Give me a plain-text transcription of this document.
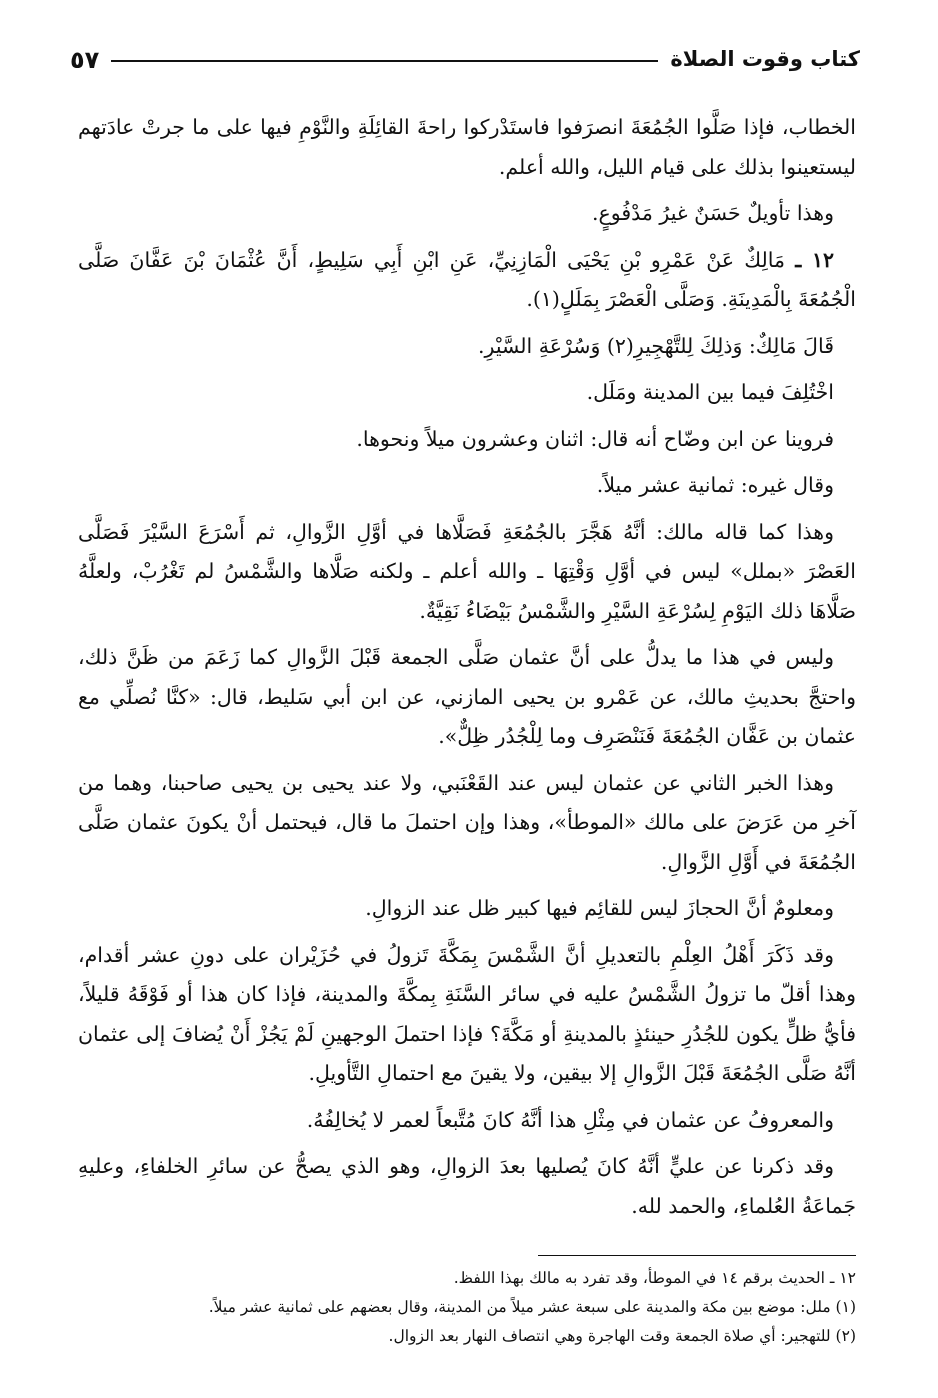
كتاب وقوت الصلاة
٥٧

الخطاب، فإذا صَلَّوا الجُمُعَةَ انصرَفوا فاستَدْركوا راحةَ القائِلَةِ والنَّوْمِ فيها على ما جرتْ عادَتهم ليستعينوا بذلك على قيام الليل، والله أعلم.

وهذا تأويلٌ حَسَنٌ غيرُ مَدْفُوعٍ.

١٢ ـ مَالِكٌ عَنْ عَمْرِو بْنِ يَحْيَى الْمَازِنِيِّ، عَنِ ابْنِ أَبِي سَلِيطٍ، أَنَّ عُثْمَانَ بْنَ عَفَّانَ صَلَّى الْجُمُعَةَ بِالْمَدِينَةِ. وَصَلَّى الْعَصْرَ بِمَلَلٍ(١).

قَالَ مَالِكٌ: وَذلِكَ لِلتَّهْجِيرِ(٢) وَسُرْعَةِ السَّيْرِ.

اخْتُلِفَ فيما بين المدينة ومَلَل.

فروينا عن ابن وضّاح أنه قال: اثنان وعشرون ميلاً ونحوها.

وقال غيره: ثمانية عشر ميلاً.

وهذا كما قاله مالك: أنَّهُ هَجَّرَ بالجُمُعَةِ فَصَلَّاها في أوَّلِ الزَّوالِ، ثم أَسْرَعَ السَّيْرَ فَصَلَّى العَصْرَ «بملل» ليس في أوَّلِ وَقْتِهَا ـ والله أعلم ـ ولكنه صَلَّاها والشَّمْسُ لم تَغْرُبْ، ولعلَّهُ صَلَّاهَا ذلك اليَوْمِ لِسُرْعَةِ السَّيْرِ والشَّمْسُ بَيْضَاءُ نَقِيَّةٌ.

وليس في هذا ما يدلُّ على أنَّ عثمان صَلَّى الجمعة قَبْلَ الزَّوالِ كما زَعَمَ من ظَنَّ ذلك، واحتجَّ بحديثِ مالك، عن عَمْرو بن يحيى المازني، عن ابن أبي سَليط، قال: «كنَّا نُصلِّي مع عثمان بن عَفَّان الجُمُعَةَ فَنَنْصَرِف وما لِلْجُدُر ظِلٌّ».

وهذا الخبر الثاني عن عثمان ليس عند القَعْنَبي، ولا عند يحيى بن يحيى صاحبنا، وهما من آخرِ من عَرَضَ على مالك «الموطأ»، وهذا وإن احتملَ ما قال، فيحتمل أنْ يكونَ عثمان صَلَّى الجُمُعَةَ في أَوَّلِ الزَّوالِ.

ومعلومٌ أنَّ الحجازَ ليس للقائِم فيها كبير ظل عند الزوالِ.

وقد ذَكَرَ أَهْلُ العِلْمِ بالتعديلِ أنَّ الشَّمْسَ بِمَكَّةَ تَزولُ في حُزَيْران على دونِ عشر أقدام، وهذا أقلّ ما تزولُ الشَّمْسُ عليه في سائر السَّنَةِ بِمكَّةَ والمدينة، فإذا كان هذا أو فَوْقَهُ قليلاً، فأيُّ ظلٍّ يكون للجُدُرِ حينئذٍ بالمدينةِ أو مَكَّةَ؟ فإذا احتملَ الوجهينِ لَمْ يَجُزْ أَنْ يُضافَ إلى عثمان أنَّهُ صَلَّى الجُمُعَةَ قَبْلَ الزَّوالِ إلا بيقين، ولا يقينَ مع احتمالِ التَّأويلِ.

والمعروفُ عن عثمان في مِثْلِ هذا أنَّهُ كانَ مُتَّبعاً لعمر لا يُخالِفُهُ.

وقد ذكرنا عن عليٍّ أنَّهُ كانَ يُصليها بعدَ الزوالِ، وهو الذي يصحُّ عن سائرِ الخلفاءِ، وعليهِ جَماعَةُ العُلماءِ، والحمد لله.

١٢ ـ الحديث برقم ١٤ في الموطأ، وقد تفرد به مالك بهذا اللفظ.

(١) ملل: موضع بين مكة والمدينة على سبعة عشر ميلاً من المدينة، وقال بعضهم على ثمانية عشر ميلاً.

(٢) للتهجير: أي صلاة الجمعة وقت الهاجرة وهي انتصاف النهار بعد الزوال.
